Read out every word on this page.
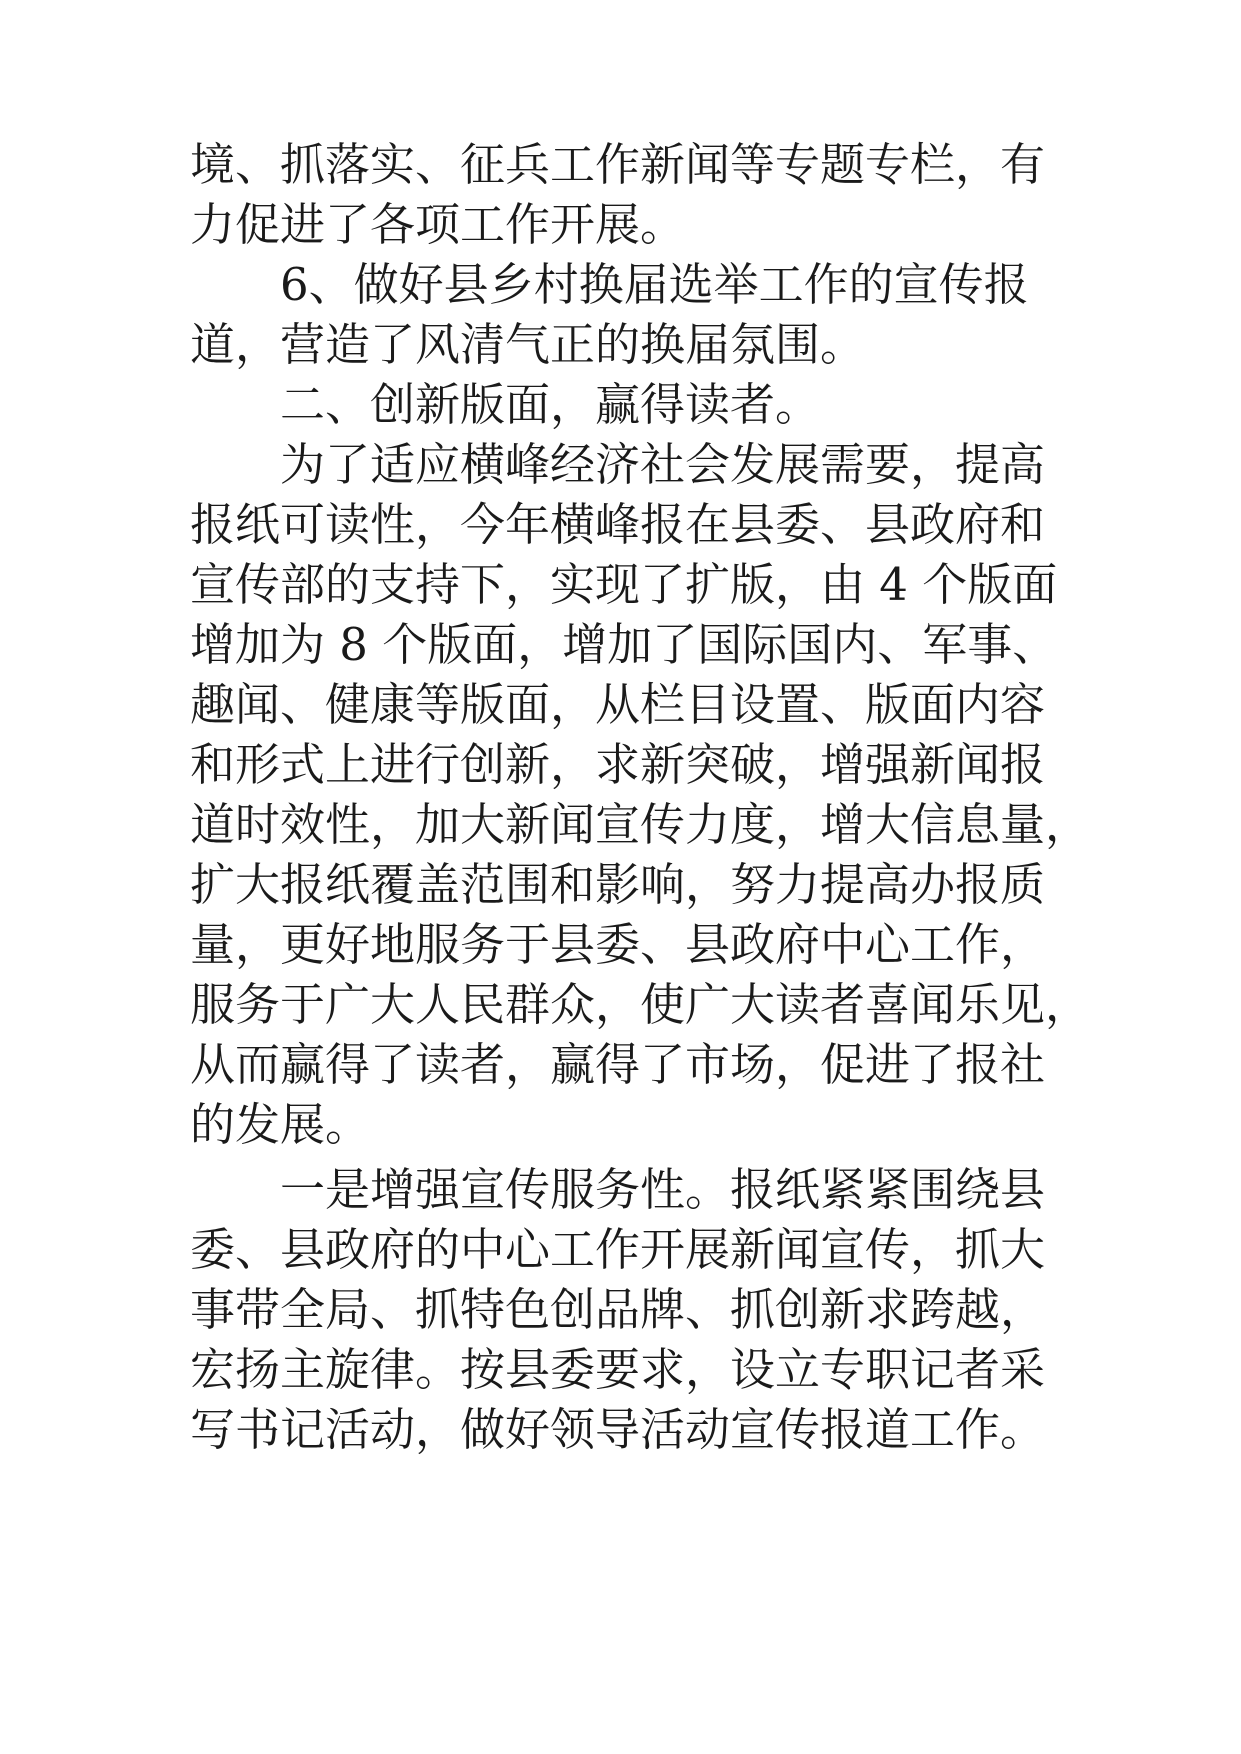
境、抓落实、征兵工作新闻等专题专栏，有
力促进了各项工作开展。
6、做好县乡村换届选举工作的宣传报
道，营造了风清气正的换届氛围。
二、创新版面，赢得读者。
为了适应横峰经济社会发展需要，提高
报纸可读性，今年横峰报在县委、县政府和
宣传部的支持下，实现了扩版，由 4 个版面
增加为 8 个版面，增加了国际国内、军事、
趣闻、健康等版面，从栏目设置、版面内容
和形式上进行创新，求新突破，增强新闻报
道时效性，加大新闻宣传力度，增大信息量，
扩大报纸覆盖范围和影响，努力提高办报质
量，更好地服务于县委、县政府中心工作，
服务于广大人民群众，使广大读者喜闻乐见，
从而赢得了读者，赢得了市场，促进了报社
的发展。
一是增强宣传服务性。报纸紧紧围绕县
委、县政府的中心工作开展新闻宣传，抓大
事带全局、抓特色创品牌、抓创新求跨越，
宏扬主旋律。按县委要求，设立专职记者采
写书记活动，做好领导活动宣传报道工作。
